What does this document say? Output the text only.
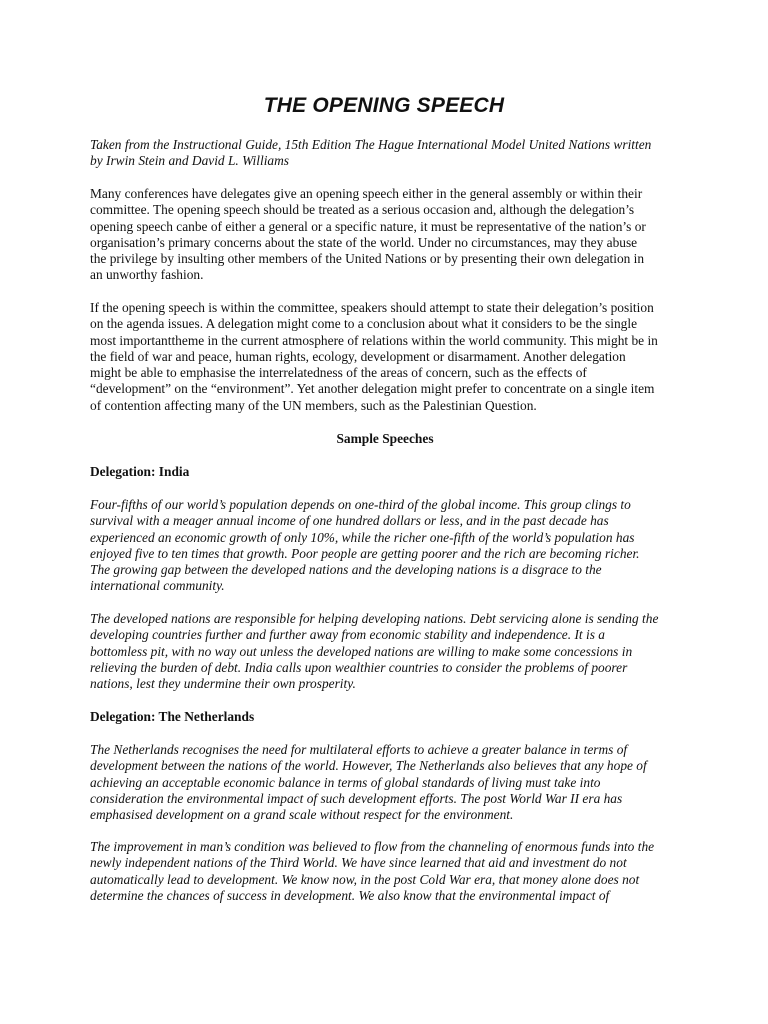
THE OPENING SPEECH

Taken from the Instructional Guide, 15th Edition The Hague International Model United Nations written
by Irwin Stein and David L. Williams

Many conferences have delegates give an opening speech either in the general assembly or within their
committee. The opening speech should be treated as a serious occasion and, although the delegation’s
opening speech canbe of either a general or a specific nature, it must be representative of the nation’s or
organisation’s primary concerns about the state of the world. Under no circumstances, may they abuse
the privilege by insulting other members of the United Nations or by presenting their own delegation in
an unworthy fashion.

If the opening speech is within the committee, speakers should attempt to state their delegation’s position
on the agenda issues. A delegation might come to a conclusion about what it considers to be the single
most importanttheme in the current atmosphere of relations within the world community. This might be in
the field of war and peace, human rights, ecology, development or disarmament. Another delegation
might be able to emphasise the interrelatedness of the areas of concern, such as the effects of
“development” on the “environment”. Yet another delegation might prefer to concentrate on a single item
of contention affecting many of the UN members, such as the Palestinian Question.

Sample Speeches

Delegation: India

Four-fifths of our world’s population depends on one-third of the global income. This group clings to
survival with a meager annual income of one hundred dollars or less, and in the past decade has
experienced an economic growth of only 10%, while the richer one-fifth of the world’s population has
enjoyed five to ten times that growth. Poor people are getting poorer and the rich are becoming richer.
The growing gap between the developed nations and the developing nations is a disgrace to the
international community.

The developed nations are responsible for helping developing nations. Debt servicing alone is sending the
developing countries further and further away from economic stability and independence. It is a
bottomless pit, with no way out unless the developed nations are willing to make some concessions in
relieving the burden of debt. India calls upon wealthier countries to consider the problems of poorer
nations, lest they undermine their own prosperity.

Delegation: The Netherlands

The Netherlands recognises the need for multilateral efforts to achieve a greater balance in terms of
development between the nations of the world. However, The Netherlands also believes that any hope of
achieving an acceptable economic balance in terms of global standards of living must take into
consideration the environmental impact of such development efforts. The post World War II era has
emphasised development on a grand scale without respect for the environment.

The improvement in man’s condition was believed to flow from the channeling of enormous funds into the
newly independent nations of the Third World. We have since learned that aid and investment do not
automatically lead to development. We know now, in the post Cold War era, that money alone does not
determine the chances of success in development. We also know that the environmental impact of
